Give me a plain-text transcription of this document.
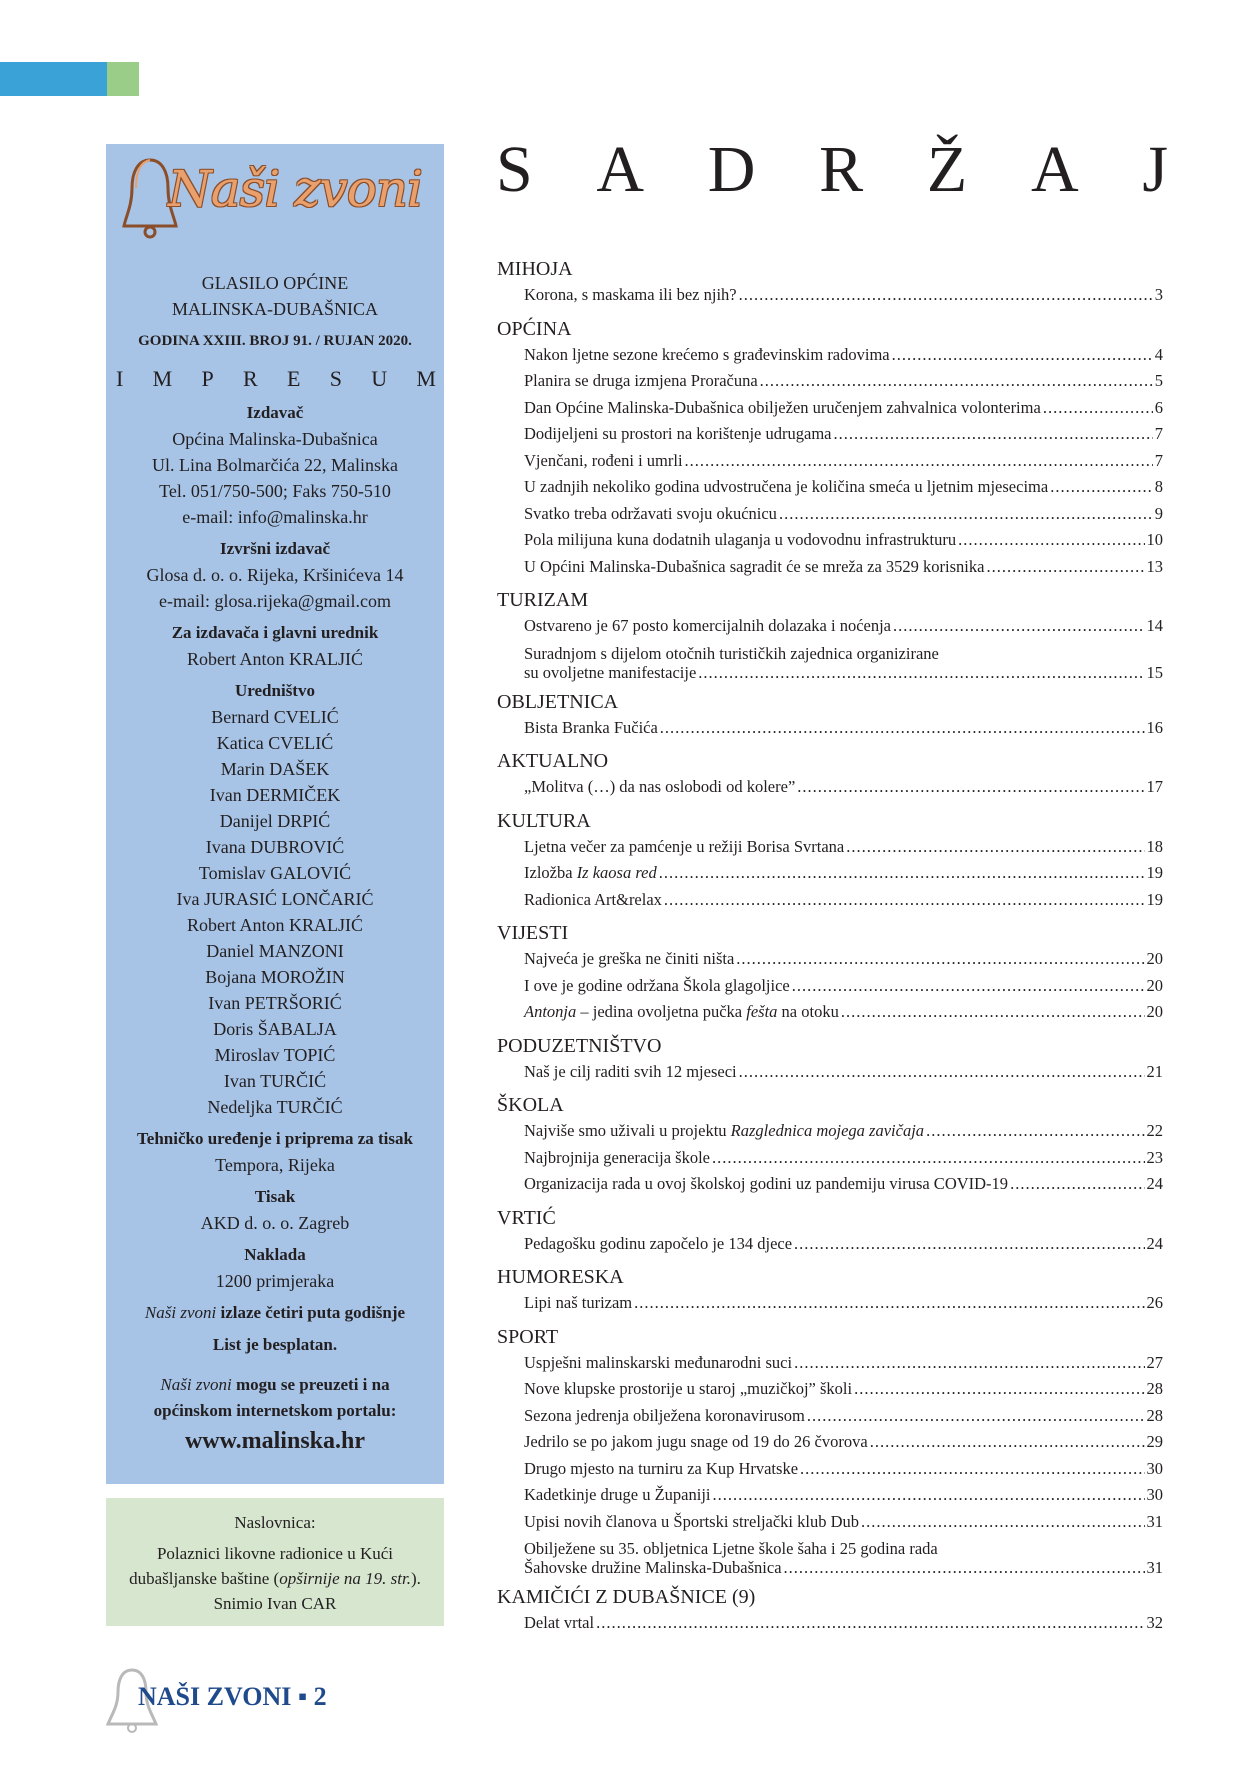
Naši zvoni
GLASILO OPĆINE
MALINSKA-DUBAŠNICA
GODINA XXIII. BROJ 91. / RUJAN 2020.
I M P R E S U M
Izdavač
Općina Malinska-Dubašnica
Ul. Lina Bolmarčića 22, Malinska
Tel. 051/750-500; Faks 750-510
e-mail: info@malinska.hr
Izvršni izdavač
Glosa d. o. o. Rijeka, Kršinićeva 14
e-mail: glosa.rijeka@gmail.com
Za izdavača i glavni urednik
Robert Anton KRALJIĆ
Uredništvo
Bernard CVELIĆ
Katica CVELIĆ
Marin DAŠEK
Ivan DERMIČEK
Danijel DRPIĆ
Ivana DUBROVIĆ
Tomislav GALOVIĆ
Iva JURASIĆ LONČARIĆ
Robert Anton KRALJIĆ
Daniel MANZONI
Bojana MOROŽIN
Ivan PETRŠORIĆ
Doris ŠABALJA
Miroslav TOPIĆ
Ivan TURČIĆ
Nedeljka TURČIĆ
Tehničko uređenje i priprema za tisak
Tempora, Rijeka
Tisak
AKD d. o. o. Zagreb
Naklada
1200 primjeraka
Naši zvoni izlaze četiri puta godišnje
List je besplatan.
Naši zvoni mogu se preuzeti i na
općinskom internetskom portalu:
www.malinska.hr
Naslovnica:
Polaznici likovne radionice u Kući
dubašljanske baštine (opširnije na 19. str.).
Snimio Ivan CAR
NAŠI ZVONI ▪ 2
S A D R Ž A J
MIHOJA
Korona, s maskama ili bez njih? .....	3
OPĆINA
Nakon ljetne sezone krećemo s građevinskim radovima .....	4
Planira se druga izmjena Proračuna .....	5
Dan Općine Malinska-Dubašnica obilježen uručenjem zahvalnica volonterima .....	6
Dodijeljeni su prostori na korištenje udrugama .....	7
Vjenčani, rođeni i umrli .....	7
U zadnjih nekoliko godina udvostručena je količina smeća u ljetnim mjesecima .....	8
Svatko treba održavati svoju okućnicu .....	9
Pola milijuna kuna dodatnih ulaganja u vodovodnu infrastrukturu .....	10
U Općini Malinska-Dubašnica sagradit će se mreža za 3529 korisnika .....	13
TURIZAM
Ostvareno je 67 posto komercijalnih dolazaka i noćenja .....	14
Suradnjom s dijelom otočnih turističkih zajednica organizirane
su ovoljetne manifestacije .....	15
OBLJETNICA
Bista Branka Fučića .....	16
AKTUALNO
„Molitva (…) da nas oslobodi od kolere” .....	17
KULTURA
Ljetna večer za pamćenje u režiji Borisa Svrtana .....	18
Izložba Iz kaosa red .....	19
Radionica Art&relax .....	19
VIJESTI
Najveća je greška ne činiti ništa .....	20
I ove je godine održana Škola glagoljice .....	20
Antonja – jedina ovoljetna pučka fešta na otoku .....	20
PODUZETNIŠTVO
Naš je cilj raditi svih 12 mjeseci .....	21
ŠKOLA
Najviše smo uživali u projektu Razglednica mojega zavičaja .....	22
Najbrojnija generacija škole .....	23
Organizacija rada u ovoj školskoj godini uz pandemiju virusa COVID-19 .....	24
VRTIĆ
Pedagošku godinu započelo je 134 djece .....	24
HUMORESKA
Lipi naš turizam .....	26
SPORT
Uspješni malinskarski međunarodni suci .....	27
Nove klupske prostorije u staroj „muzičkoj” školi .....	28
Sezona jedrenja obilježena koronavirusom .....	28
Jedrilo se po jakom jugu snage od 19 do 26 čvorova .....	29
Drugo mjesto na turniru za Kup Hrvatske .....	30
Kadetkinje druge u Županiji .....	30
Upisi novih članova u Športski streljački klub Dub .....	31
Obilježene su 35. obljetnica Ljetne škole šaha i 25 godina rada
Šahovske družine Malinska-Dubašnica .....	31
KAMIČIĆI Z DUBAŠNICE (9)
Delat vrtal .....	32
